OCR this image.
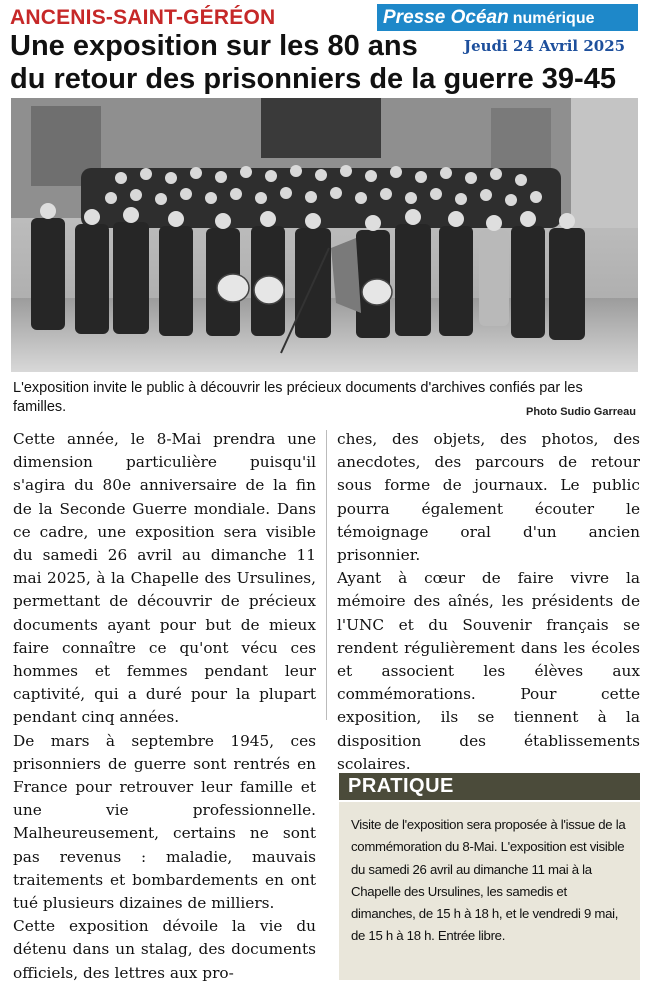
ANCENIS-SAINT-GÉRÉON	Presse Océan numérique
Jeudi 24 Avril 2025
Une exposition sur les 80 ans
du retour des prisonniers de la guerre 39-45
L'exposition invite le public à découvrir les précieux documents d'archives confiés par les familles.	Photo Sudio Garreau

Cette année, le 8-Mai prendra une dimension particulière puisqu'il s'agira du 80e anniversaire de la fin de la Seconde Guerre mondiale. Dans ce cadre, une exposition sera visible du samedi 26 avril au dimanche 11 mai 2025, à la Chapelle des Ursulines, permettant de découvrir de précieux documents ayant pour but de mieux faire connaître ce qu'ont vécu ces hommes et femmes pendant leur captivité, qui a duré pour la plupart pendant cinq années.

De mars à septembre 1945, ces prisonniers de guerre sont rentrés en France pour retrouver leur famille et une vie professionnelle. Malheureusement, certains ne sont pas revenus : maladie, mauvais traitements et bombardements en ont tué plusieurs dizaines de milliers.

Cette exposition dévoile la vie du détenu dans un stalag, des documents officiels, des lettres aux pro-

ches, des objets, des photos, des anecdotes, des parcours de retour sous forme de journaux. Le public pourra également écouter le témoignage oral d'un ancien prisonnier.

Ayant à cœur de faire vivre la mémoire des aînés, les présidents de l'UNC et du Souvenir français se rendent régulièrement dans les écoles et associent les élèves aux commémorations. Pour cette exposition, ils se tiennent à la disposition des établissements scolaires.

PRATIQUE
Visite de l'exposition sera proposée à l'issue de la commémoration du 8-Mai. L'exposition est visible du samedi 26 avril au dimanche 11 mai à la Chapelle des Ursulines, les samedis et dimanches, de 15 h à 18 h, et le vendredi 9 mai, de 15 h à 18 h. Entrée libre.
